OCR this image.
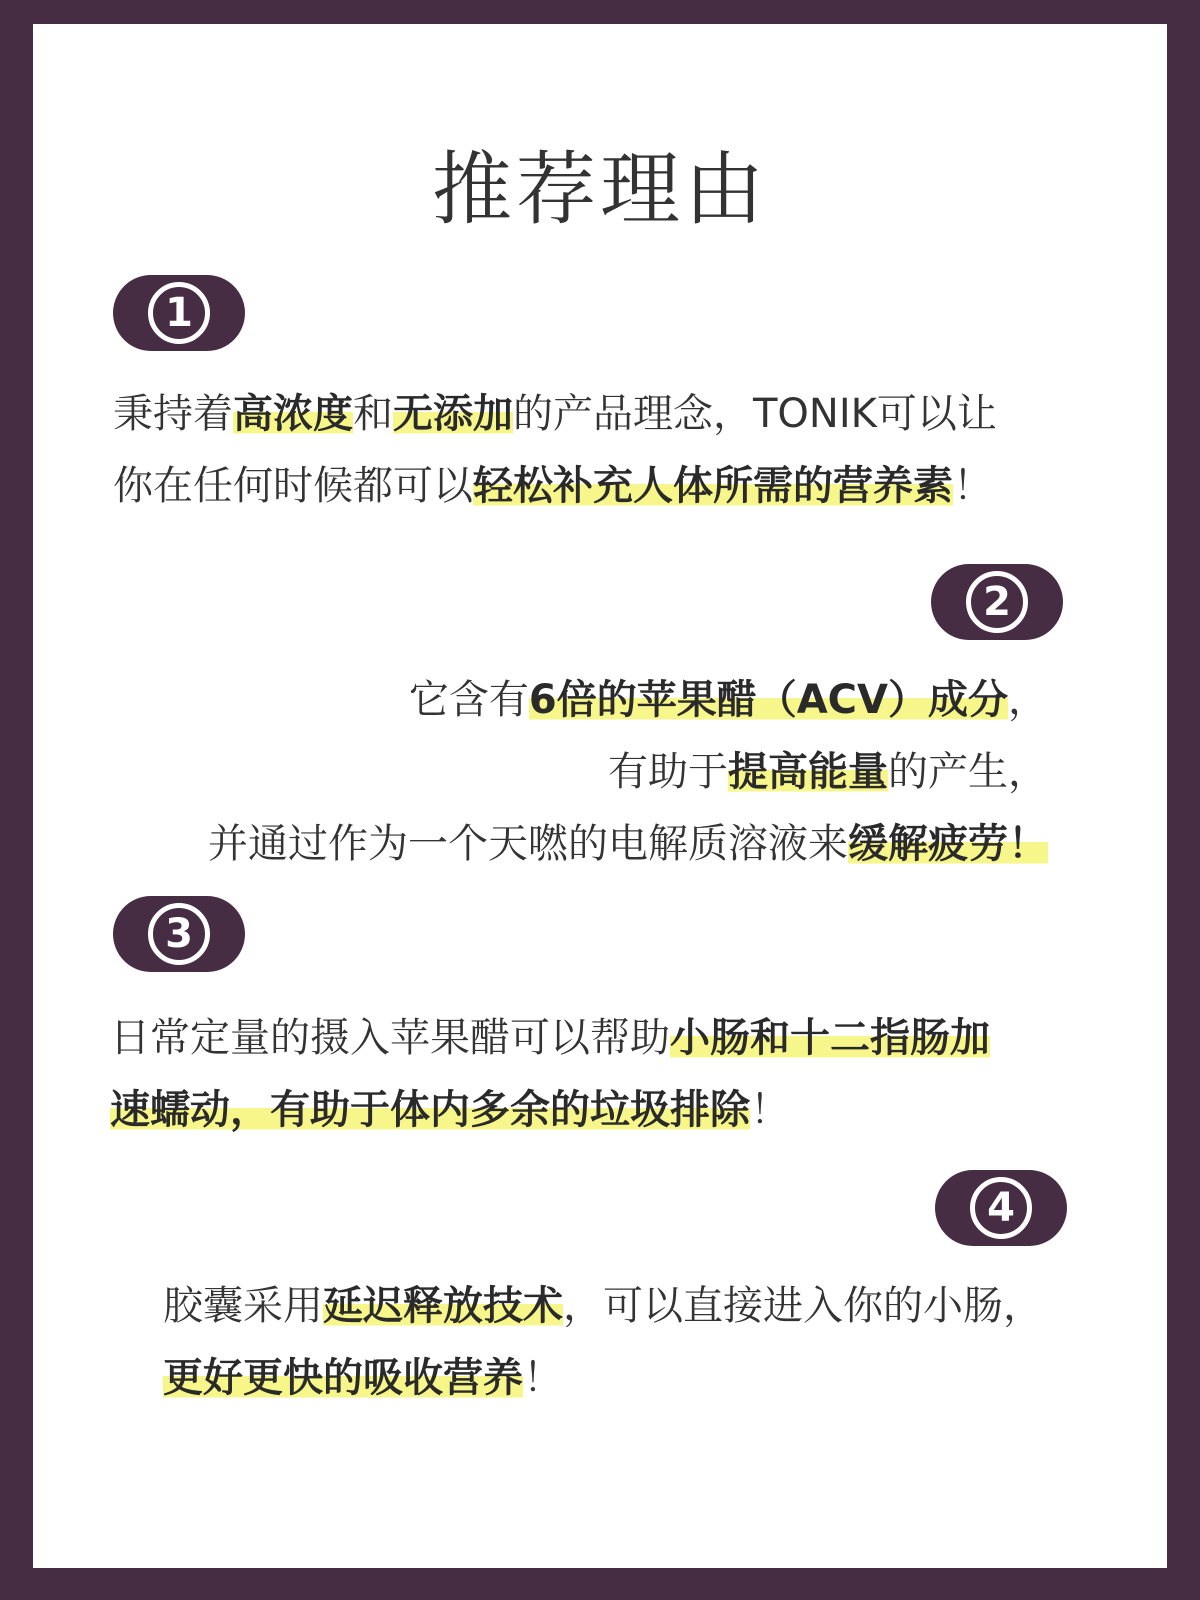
推荐理由
1
秉持着高浓度和无添加的产品理念，TONIK可以让
你在任何时候都可以轻松补充人体所需的营养素！
2
它含有6倍的苹果醋（ACV）成分，
有助于提高能量的产生，
并通过作为一个天嘫的电解质溶液来缓解疲劳！
3
日常定量的摄入苹果醋可以帮助小肠和十二指肠加
速蠕动，有助于体内多余的垃圾排除！
4
胶囊采用延迟释放技术，可以直接进入你的小肠，
更好更快的吸收营养！
